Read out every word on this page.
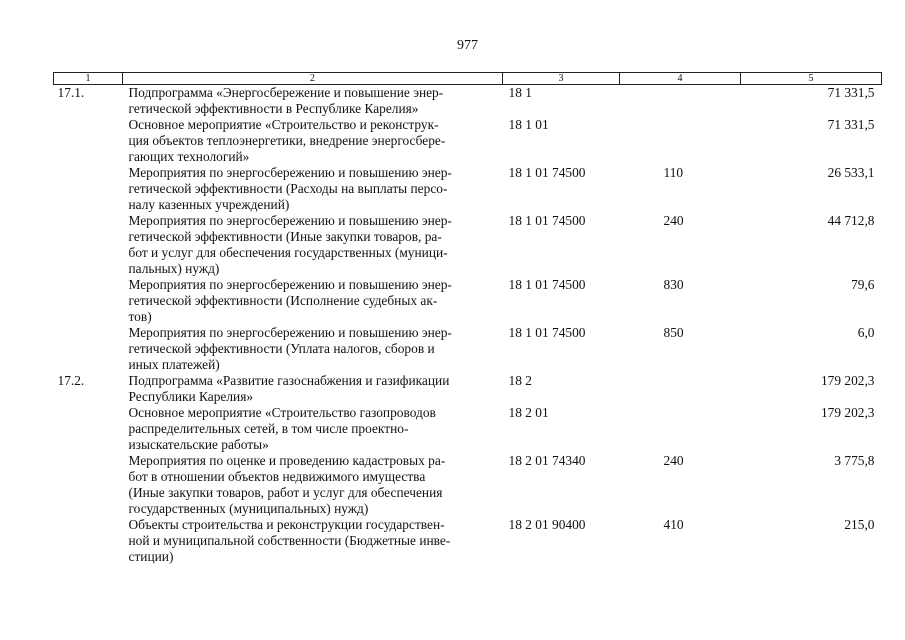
977
1	2	3	4	5
17.1.	Подпрограмма «Энергосбережение и повышение энер-
гетической эффективности в Республике Карелия»	18 1		71 331,5

	Основное мероприятие «Строительство и реконструк-
ция объектов теплоэнергетики, внедрение энергосбере-
гающих технологий»	18 1 01		71 331,5

	Мероприятия по энергосбережению и повышению энер-
гетической эффективности (Расходы на выплаты персо-
налу казенных учреждений)	18 1 01 74500	110	26 533,1

	Мероприятия по энергосбережению и повышению энер-
гетической эффективности (Иные закупки товаров, ра-
бот и услуг для обеспечения государственных (муници-
пальных) нужд)	18 1 01 74500	240	44 712,8

	Мероприятия по энергосбережению и повышению энер-
гетической эффективности (Исполнение судебных ак-
тов)	18 1 01 74500	830	79,6

	Мероприятия по энергосбережению и повышению энер-
гетической эффективности (Уплата налогов, сборов и
иных платежей)	18 1 01 74500	850	6,0
17.2.	Подпрограмма «Развитие газоснабжения и газификации
Республики Карелия»	18 2		179 202,3

	Основное мероприятие «Строительство газопроводов
распределительных сетей, в том числе проектно-
изыскательские работы»	18 2 01		179 202,3

	Мероприятия по оценке и проведению кадастровых ра-
бот в отношении объектов недвижимого имущества
(Иные закупки товаров, работ и услуг для обеспечения
государственных (муниципальных) нужд)	18 2 01 74340	240	3 775,8

	Объекты строительства и реконструкции государствен-
ной и муниципальной собственности (Бюджетные инве-
стиции)	18 2 01 90400	410	215,0
